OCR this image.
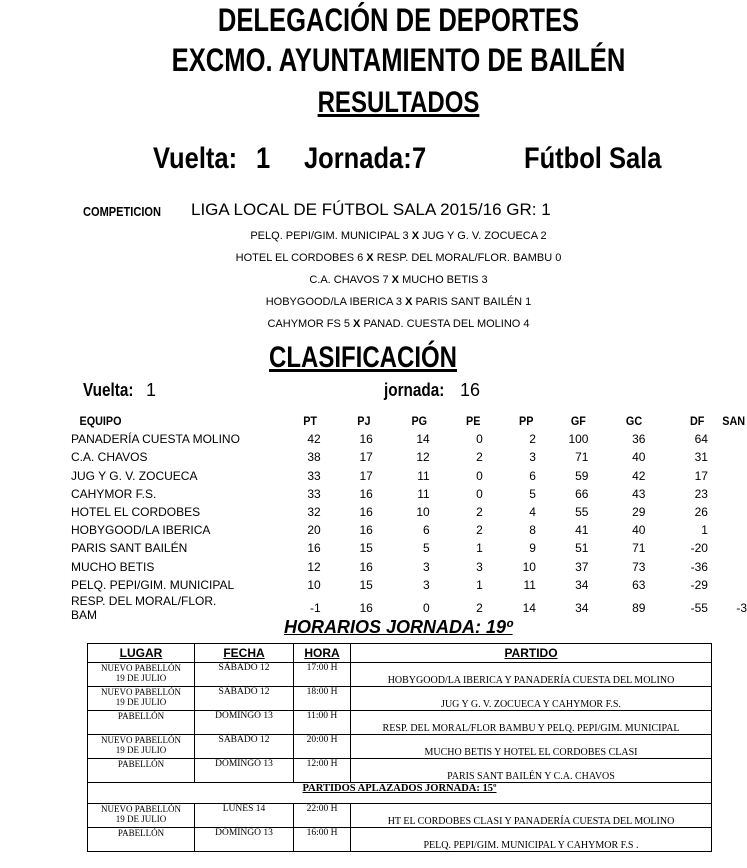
DELEGACIÓN DE DEPORTES
EXCMO. AYUNTAMIENTO DE BAILÉN
RESULTADOS
Vuelta: 1 Jornada: 7	Fútbol Sala
COMPETICION LIGA LOCAL DE FÚTBOL SALA 2015/16 GR: 1
PELQ. PEPI/GIM. MUNICIPAL 3 X JUG Y G. V. ZOCUECA 2
HOTEL EL CORDOBES 6 X RESP. DEL MORAL/FLOR. BAMBU 0
C.A. CHAVOS 7 X MUCHO BETIS 3
HOBYGOOD/LA IBERICA 3 X PARIS SANT BAILÉN 1
CAHYMOR FS 5 X PANAD. CUESTA DEL MOLINO 4
CLASIFICACIÓN
Vuelta: 1	jornada: 16
EQUIPO	PT	PJ	PG	PE	PP	GF	GC	DF	SAN
PANADERÍA CUESTA MOLINO	42	16	14	0	2	100	36	64	
C.A. CHAVOS	38	17	12	2	3	71	40	31	
JUG Y G. V. ZOCUECA	33	17	11	0	6	59	42	17	
CAHYMOR F.S.	33	16	11	0	5	66	43	23	
HOTEL EL CORDOBES	32	16	10	2	4	55	29	26	
HOBYGOOD/LA IBERICA	20	16	6	2	8	41	40	1	
PARIS SANT BAILÉN	16	15	5	1	9	51	71	-20	
MUCHO BETIS	12	16	3	3	10	37	73	-36	
PELQ. PEPI/GIM. MUNICIPAL	10	15	3	1	11	34	63	-29	
RESP. DEL MORAL/FLOR. BAM	-1	16	0	2	14	34	89	-55	-3
HORARIOS JORNADA: 19º
LUGAR	FECHA	HORA	PARTIDO

NUEVO PABELLÓN
19 DE JULIO	SÁBADO 12	17:00 H	HOBYGOOD/LA IBERICA Y PANADERÍA CUESTA DEL MOLINO

NUEVO PABELLÓN
19 DE JULIO	SÁBADO 12	18:00 H	JUG Y G. V. ZOCUECA Y CAHYMOR F.S.

PABELLÓN	DOMINGO 13	11:00 H	RESP. DEL MORAL/FLOR BAMBU Y PELQ. PEPI/GIM. MUNICIPAL

NUEVO PABELLÓN
19 DE JULIO	SÁBADO 12	20:00 H	MUCHO BETIS Y HOTEL EL CORDOBES CLASI

PABELLÓN	DOMINGO 13	12:00 H	PARIS SANT BAILÉN Y C.A. CHAVOS
PARTIDOS APLAZADOS JORNADA: 15º			

NUEVO PABELLÓN
19 DE JULIO	LUNES 14	22:00 H	HT EL CORDOBES CLASI Y PANADERÍA CUESTA DEL MOLINO

PABELLÓN	DOMINGO 13	16:00 H	PELQ. PEPI/GIM. MUNICIPAL Y CAHYMOR F.S .
